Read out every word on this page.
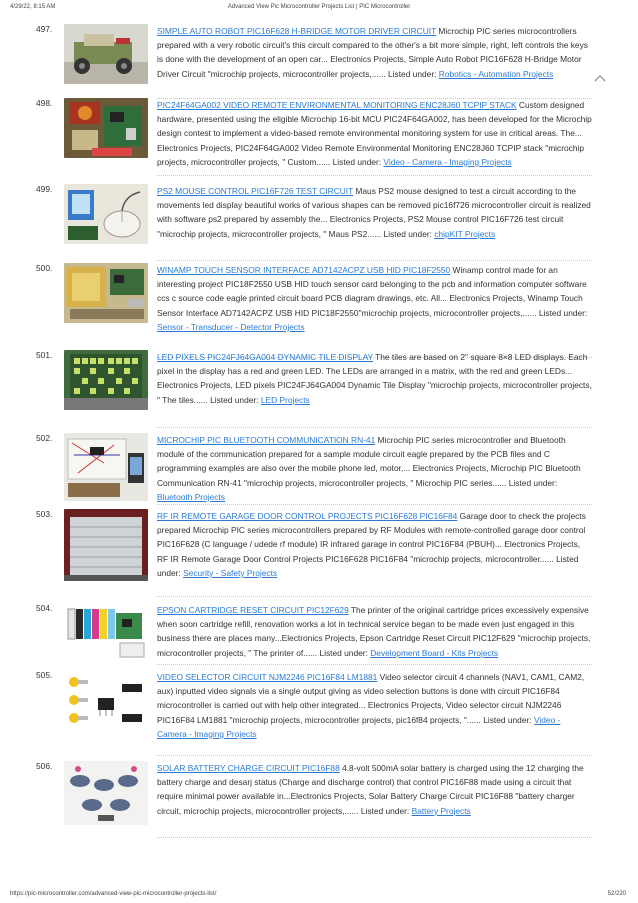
4/29/22, 8:15 AM	Advanced View Pic Microcontroller Projects List | PIC Microcontroller
497.	SIMPLE AUTO ROBOT PIC16F628 H-BRIDGE MOTOR DRIVER CIRCUIT Microchip PIC series microcontrollers prepared with a very robotic circuit's this circuit compared to the other's a bit more simple, right, left controls the keys is done with the development of an open car... Electronics Projects, Simple Auto Robot PIC16F628 H-Bridge Motor Driver Circuit "microchip projects, microcontroller projects,...... Listed under: Robotics - Automation Projects
498.	PIC24F64GA002 VIDEO REMOTE ENVIRONMENTAL MONITORING ENC28J60 TCPIP STACK Custom designed hardware, presented using the eligible Microchip 16-bit MCU PIC24F64GA002, has been developed for the Microchip design contest to implement a video-based remote environmental monitoring system for use in critical areas. The... Electronics Projects, PIC24F64GA002 Video Remote Environmental Monitoring ENC28J60 TCPIP stack "microchip projects, microcontroller projects, " Custom...... Listed under: Video - Camera - Imaging Projects
499.	PS2 MOUSE CONTROL PIC16F726 TEST CIRCUIT Maus PS2 mouse designed to test a circuit according to the movements led display beautiful works of various shapes can be removed pic16f726 microcontroller circuit is realized with software ps2 prepared by assembly the... Electronics Projects, PS2 Mouse control PIC16F726 test circuit "microchip projects, microcontroller projects, " Maus PS2...... Listed under: chipKIT Projects
500.	WINAMP TOUCH SENSOR INTERFACE AD7142ACPZ USB HID PIC18F2550 Winamp control made for an interesting project PIC18F2550 USB HID touch sensor card belonging to the pcb and information computer software ccs c source code eagle printed circuit board PCB diagram drawings, etc. All... Electronics Projects, Winamp Touch Sensor Interface AD7142ACPZ USB HID PIC18F2550"microchip projects, microcontroller projects,...... Listed under: Sensor - Transducer - Detector Projects
501.	LED PIXELS PIC24FJ64GA004 DYNAMIC TILE DISPLAY The tiles are based on 2" square 8×8 LED displays. Each pixel in the display has a red and green LED. The LEDs are arranged in a matrix, with the red and green LEDs... Electronics Projects, LED pixels PIC24FJ64GA004 Dynamic Tile Display "microchip projects, microcontroller projects, " The tiles...... Listed under: LED Projects
502.	MICROCHIP PIC BLUETOOTH COMMUNICATION RN-41 Microchip PIC series microcontroller and Bluetooth module of the communication prepared for a sample module circuit eagle prepared by the PCB files and C programming examples are also over the mobile phone led, motor,... Electronics Projects, Microchip PIC Bluetooth Communication RN-41 "microchip projects, microcontroller projects, " Microchip PIC series...... Listed under: Bluetooth Projects
503.	RF IR REMOTE GARAGE DOOR CONTROL PROJECTS PIC16F628 PIC16F84 Garage door to check the projects prepared Microchip PIC series microcontrollers prepared by RF Modules with remote-controlled garage door control PIC16F628 (C language / udede rf module) IR infrared garage in control PIC16F84 (PBUH)... Electronics Projects, RF IR Remote Garage Door Control Projects PIC16F628 PIC16F84 "microchip projects, microcontroller...... Listed under: Security - Safety Projects
504.	EPSON CARTRIDGE RESET CIRCUIT PIC12F629 The printer of the original cartridge prices excessively expensive when soon cartridge refill, renovation works a lot in technical service began to be made even just engaged in this business there are places many...Electronics Projects, Epson Cartridge Reset Circuit PIC12F629 "microchip projects, microcontroller projects, " The printer of...... Listed under: Development Board - Kits Projects
505.	VIDEO SELECTOR CIRCUIT NJM2246 PIC16F84 LM1881 Video selector circuit 4 channels (NAV1, CAM1, CAM2, aux) inputted video signals via a single output giving as video selection buttons is done with circuit PIC16F84 microcontroller is carried out with help other integrated... Electronics Projects, Video selector circuit NJM2246 PIC16F84 LM1881 "microchip projects, microcontroller projects, pic16f84 projects, "...... Listed under: Video - Camera - Imaging Projects
506.	SOLAR BATTERY CHARGE CIRCUIT PIC16F88 4.8-volt 500mA solar battery is charged using the 12 charging the battery charge and desarj status (Charge and discharge control) that control PIC16F88 made using a circuit that require minimal power available in...Electronics Projects, Solar Battery Charge Circuit PIC16F88 "battery charger circuit, microchip projects, microcontroller projects,...... Listed under: Battery Projects
https://pic-microcontroller.com/advanced-view-pic-microcontroller-projects-list/	52/220
